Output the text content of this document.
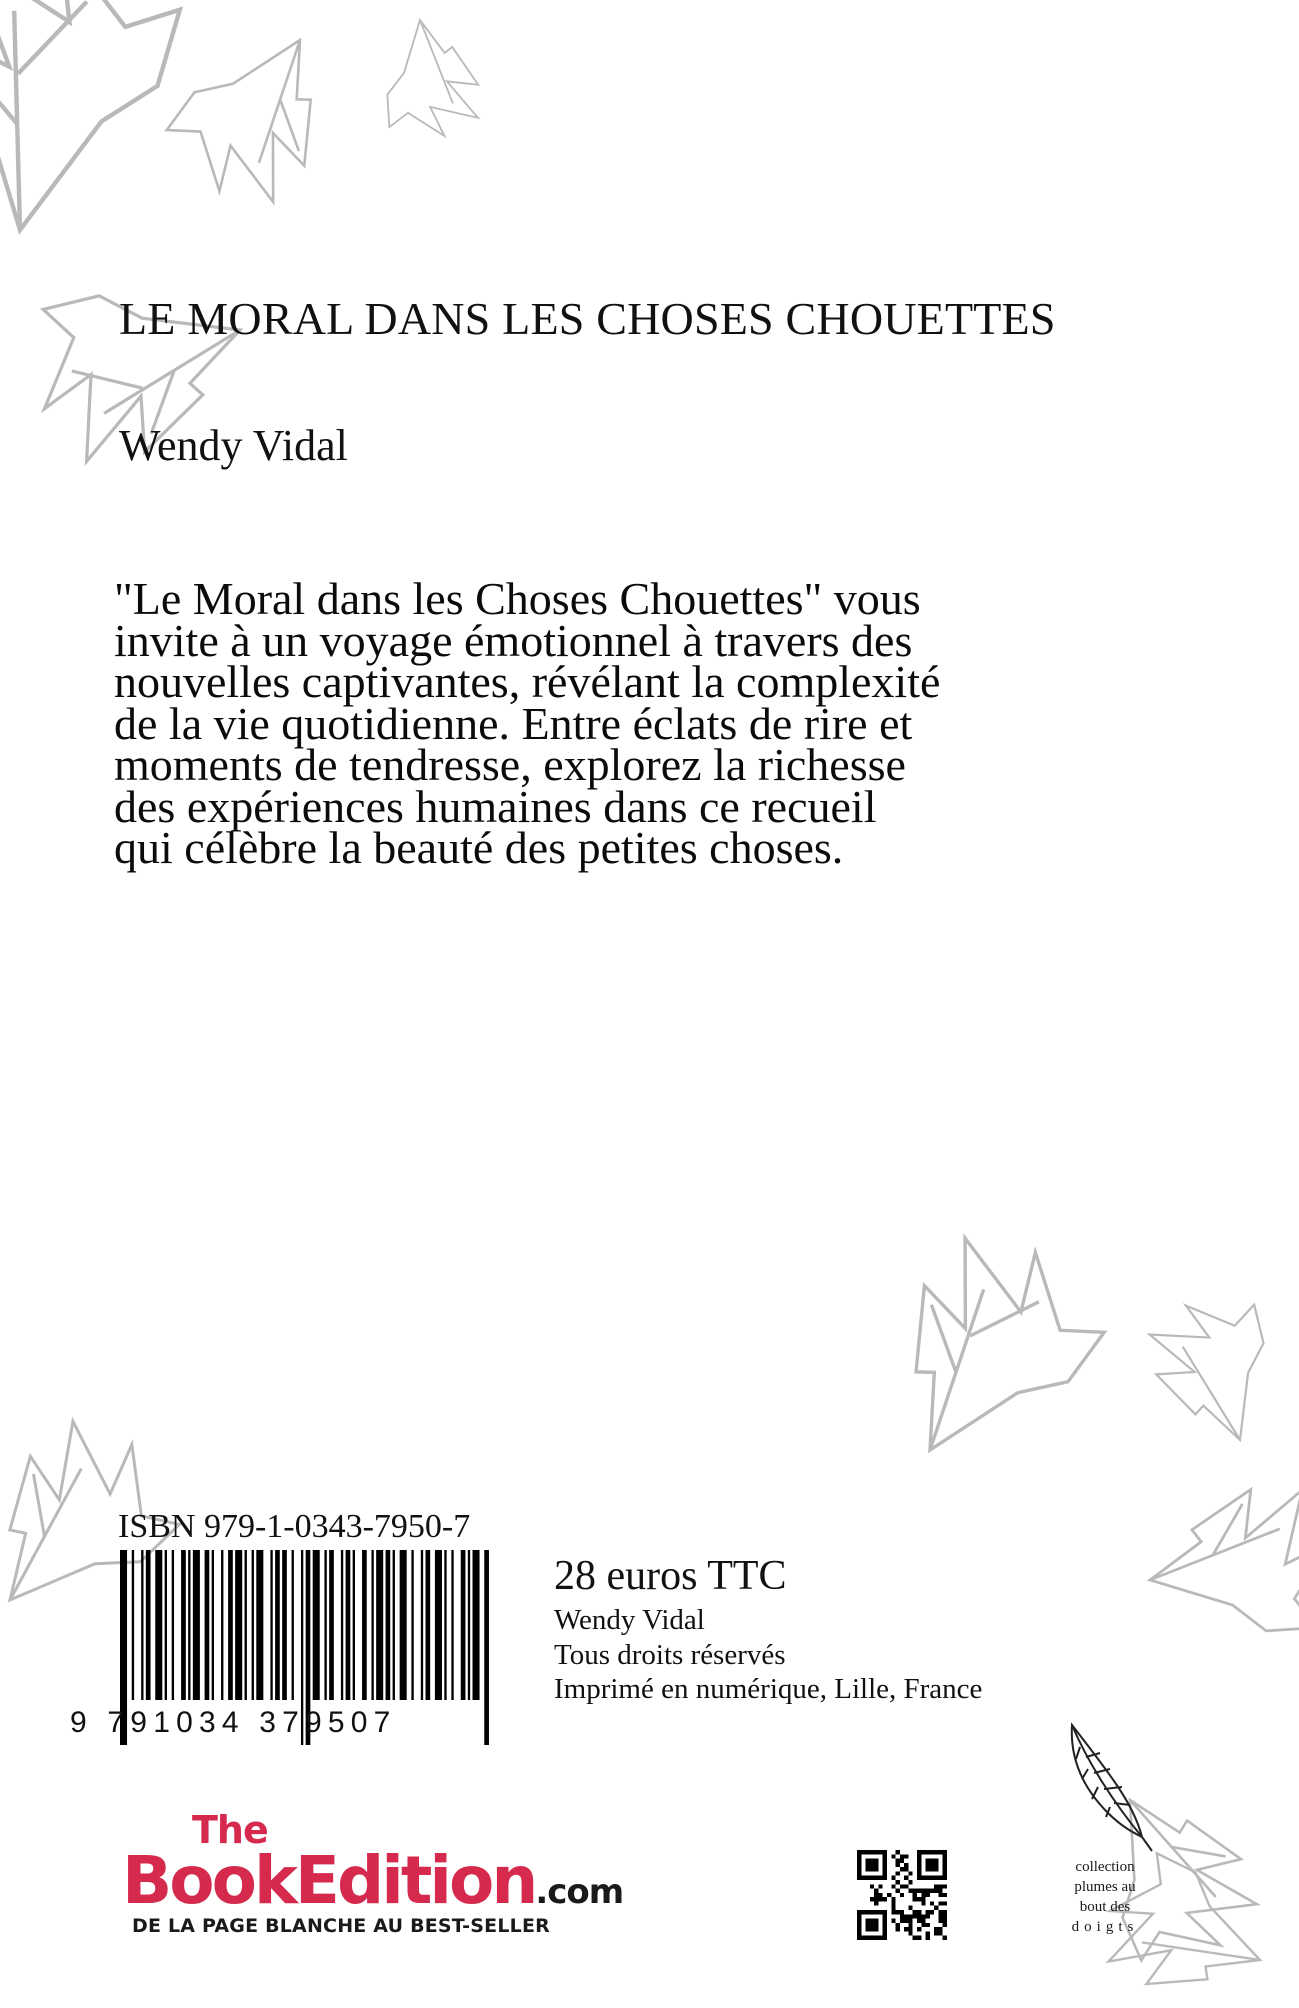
LE MORAL DANS LES CHOSES CHOUETTES
Wendy Vidal
"Le Moral dans les Choses Chouettes" vous invite à un voyage émotionnel à travers des nouvelles captivantes, révélant la complexité de la vie quotidienne. Entre éclats de rire et moments de tendresse, explorez la richesse des expériences humaines dans ce recueil qui célèbre la beauté des petites choses.
ISBN 979-1-0343-7950-7
9 791034 379507
28 euros TTC
Wendy Vidal
Tous droits réservés
Imprimé en numérique, Lille, France
The
BookEdition.com
DE LA PAGE BLANCHE AU BEST-SELLER
collection
plumes au
bout des
doigts
